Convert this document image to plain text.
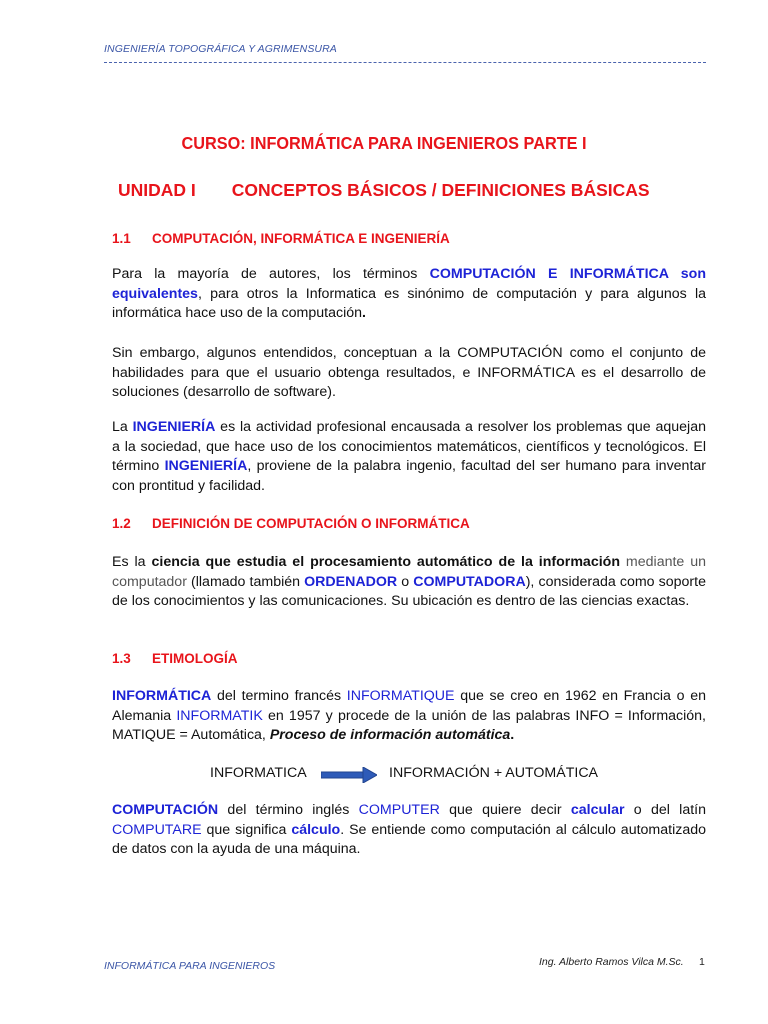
INGENIERÍA TOPOGRÁFICA Y AGRIMENSURA
CURSO: INFORMÁTICA PARA INGENIEROS PARTE I
UNIDAD I CONCEPTOS BÁSICOS / DEFINICIONES BÁSICAS
1.1 COMPUTACIÓN, INFORMÁTICA E INGENIERÍA
Para la mayoría de autores, los términos COMPUTACIÓN E INFORMÁTICA son equivalentes, para otros la Informatica es sinónimo de computación y para algunos la informática hace uso de la computación.
Sin embargo, algunos entendidos, conceptuan a la COMPUTACIÓN como el conjunto de habilidades para que el usuario obtenga resultados, e INFORMÁTICA es el desarrollo de soluciones (desarrollo de software).
La INGENIERÍA es la actividad profesional encausada a resolver los problemas que aquejan a la sociedad, que hace uso de los conocimientos matemáticos, científicos y tecnológicos. El término INGENIERÍA, proviene de la palabra ingenio, facultad del ser humano para inventar con prontitud y facilidad.
1.2 DEFINICIÓN DE COMPUTACIÓN O INFORMÁTICA
Es la ciencia que estudia el procesamiento automático de la información mediante un computador (llamado también ORDENADOR o COMPUTADORA), considerada como soporte de los conocimientos y las comunicaciones. Su ubicación es dentro de las ciencias exactas.
1.3 ETIMOLOGÍA
INFORMÁTICA del termino francés INFORMATIQUE que se creo en 1962 en Francia o en Alemania INFORMATIK en 1957 y procede de la unión de las palabras INFO = Información, MATIQUE = Automática, Proceso de información automática.
INFORMATICA	INFORMACIÓN + AUTOMÁTICA
COMPUTACIÓN del término inglés COMPUTER que quiere decir calcular o del latín COMPUTARE que significa cálculo. Se entiende como computación al cálculo automatizado de datos con la ayuda de una máquina.
INFORMÁTICA PARA INGENIEROS	Ing. Alberto Ramos Vilca M.Sc. 1
